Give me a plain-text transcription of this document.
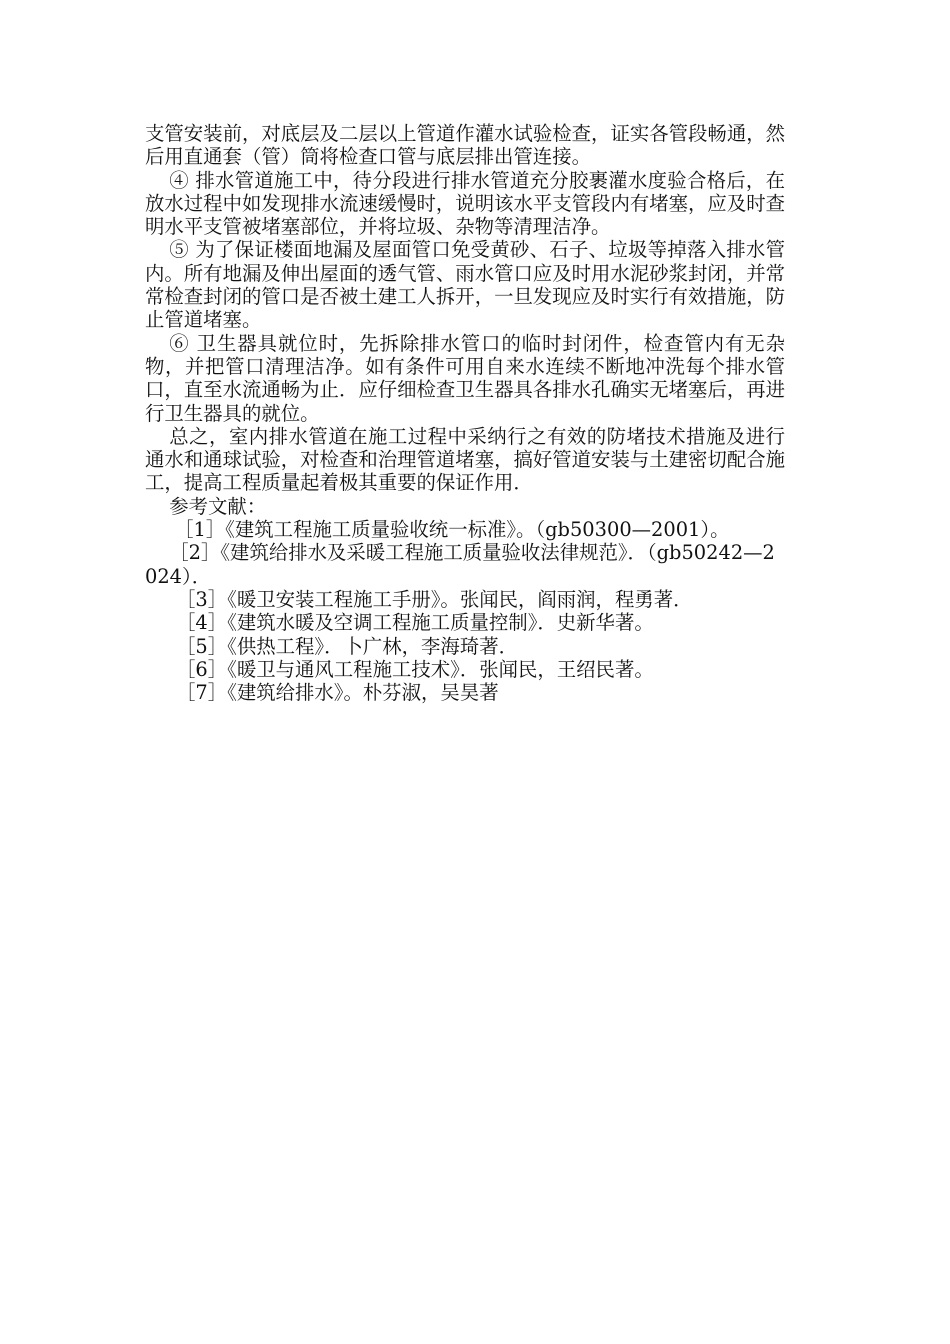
支管安装前，对底层及二层以上管道作灌水试验检查，证实各管段畅通，然后用直通套（管）筒将检查口管与底层排出管连接。

④ 排水管道施工中，待分段进行排水管道充分胶裹灌水度验合格后，在放水过程中如发现排水流速缓慢时，说明该水平支管段内有堵塞，应及时查明水平支管被堵塞部位，并将垃圾、杂物等清理洁净。

⑤ 为了保证楼面地漏及屋面管口免受黄砂、石子、垃圾等掉落入排水管内。所有地漏及伸出屋面的透气管、雨水管口应及时用水泥砂浆封闭，并常常检查封闭的管口是否被土建工人拆开，一旦发现应及时实行有效措施，防止管道堵塞。

⑥ 卫生器具就位时，先拆除排水管口的临时封闭件，检查管内有无杂物，并把管口清理洁净。如有条件可用自来水连续不断地冲洗每个排水管口，直至水流通畅为止．应仔细检查卫生器具各排水孔确实无堵塞后，再进行卫生器具的就位。

总之，室内排水管道在施工过程中采纳行之有效的防堵技术措施及进行通水和通球试验，对检查和治理管道堵塞，搞好管道安装与土建密切配合施工，提高工程质量起着极其重要的保证作用．

参考文献：

［1］《建筑工程施工质量验收统一标准》。（gb50300—2001）。

［2］《建筑给排水及采暖工程施工质量验收法律规范》．（gb50242—2024）．

［3］《暖卫安装工程施工手册》。张闻民，阎雨润，程勇著．

［4］《建筑水暖及空调工程施工质量控制》．史新华著。

［5］《供热工程》．卜广林，李海琦著．

［6］《暖卫与通风工程施工技术》．张闻民，王绍民著。

［7］《建筑给排水》。朴芬淑，吴昊著
